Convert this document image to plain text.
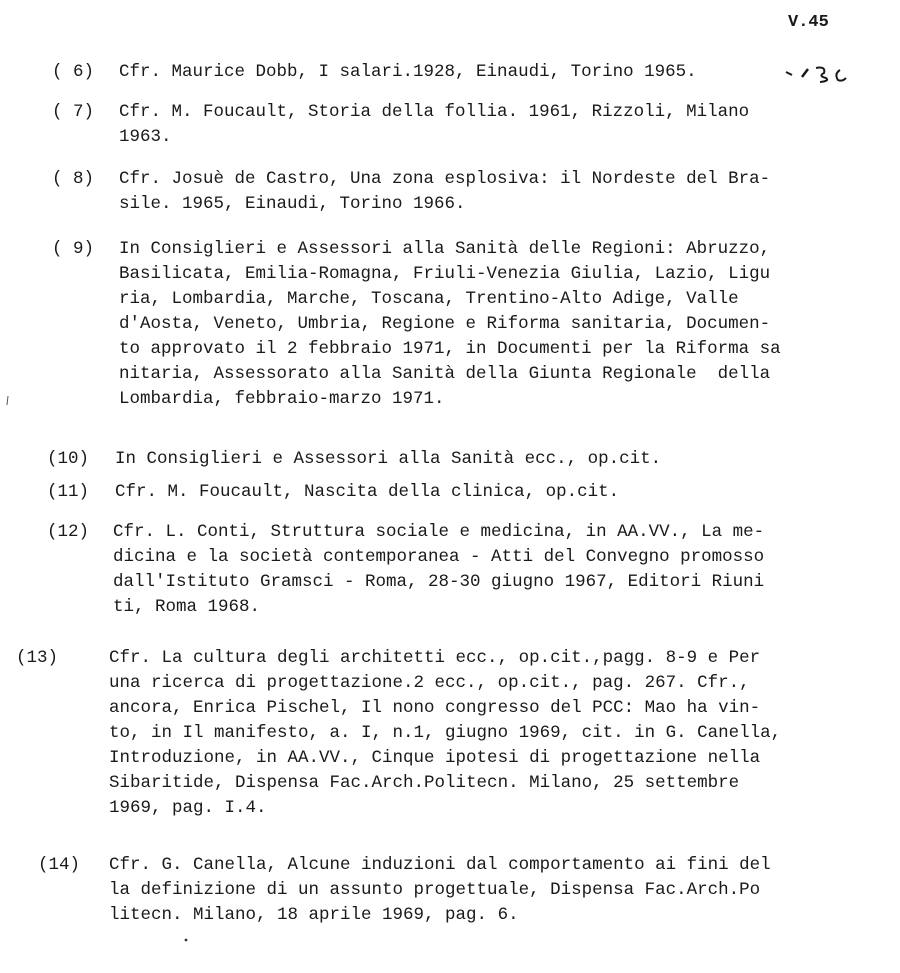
V.45
( 6) Cfr. Maurice Dobb, I salari.1928, Einaudi, Torino 1965.
( 7) Cfr. M. Foucault, Storia della follia. 1961, Rizzoli, Milano
1963.
( 8) Cfr. Josuè de Castro, Una zona esplosiva: il Nordeste del Bra-
sile. 1965, Einaudi, Torino 1966.
( 9) In Consiglieri e Assessori alla Sanità delle Regioni: Abruzzo,
Basilicata, Emilia-Romagna, Friuli-Venezia Giulia, Lazio, Ligu
ria, Lombardia, Marche, Toscana, Trentino-Alto Adige, Valle
d'Aosta, Veneto, Umbria, Regione e Riforma sanitaria, Documen-
to approvato il 2 febbraio 1971, in Documenti per la Riforma sa
nitaria, Assessorato alla Sanità della Giunta Regionale  della
Lombardia, febbraio-marzo 1971.
(10) In Consiglieri e Assessori alla Sanità ecc., op.cit.
(11) Cfr. M. Foucault, Nascita della clinica, op.cit.
(12) Cfr. L. Conti, Struttura sociale e medicina, in AA.VV., La me-
dicina e la società contemporanea - Atti del Convegno promosso
dall'Istituto Gramsci - Roma, 28-30 giugno 1967, Editori Riuni
ti, Roma 1968.
(13)	Cfr. La cultura degli architetti ecc., op.cit.,pagg. 8-9 e Per
una ricerca di progettazione.2 ecc., op.cit., pag. 267. Cfr.,
ancora, Enrica Pischel, Il nono congresso del PCC: Mao ha vin-
to, in Il manifesto, a. I, n.1, giugno 1969, cit. in G. Canella,
Introduzione, in AA.VV., Cinque ipotesi di progettazione nella
Sibaritide, Dispensa Fac.Arch.Politecn. Milano, 25 settembre
1969, pag. I.4.
(14) Cfr. G. Canella, Alcune induzioni dal comportamento ai fini del
la definizione di un assunto progettuale, Dispensa Fac.Arch.Po
litecn. Milano, 18 aprile 1969, pag. 6.
